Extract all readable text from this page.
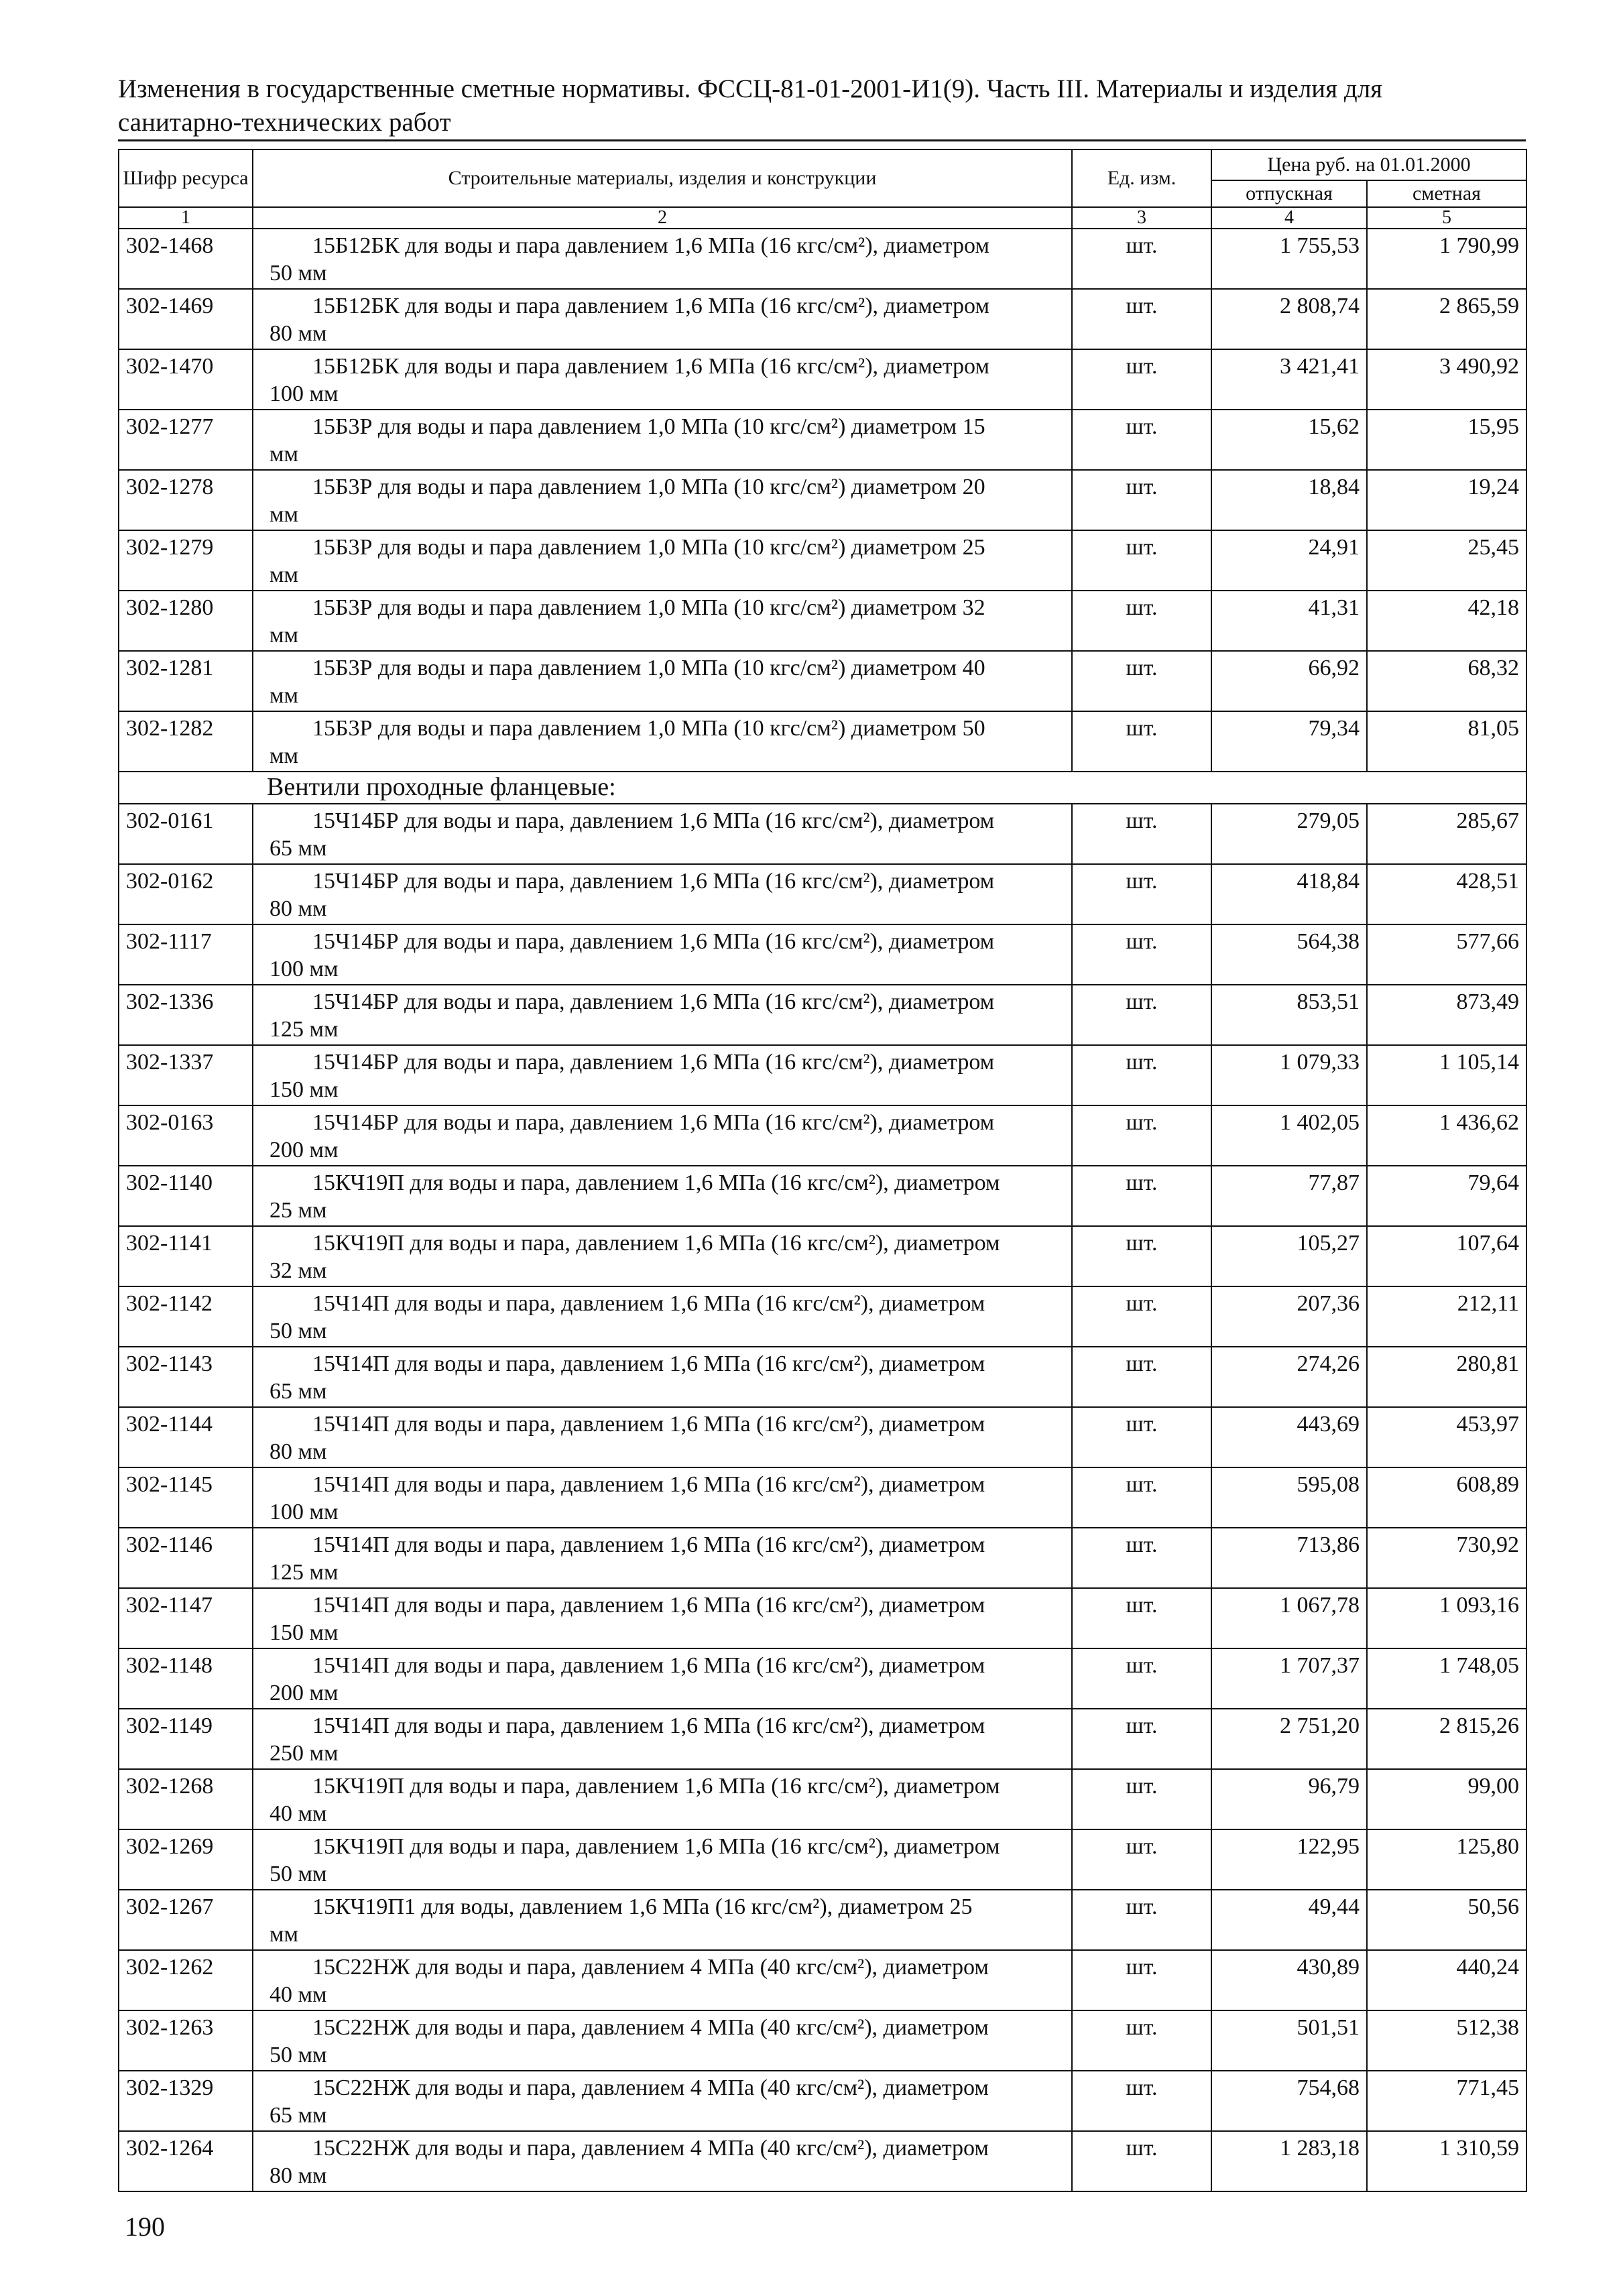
Изменения в государственные сметные нормативы. ФССЦ-81-01-2001-И1(9). Часть III. Материалы и изделия для
санитарно-технических работ
Шифр ресурса	Строительные материалы, изделия и конструкции	Ед. изм.	Цена руб. на 01.01.2000	
			отпускная	сметная
1	2	3	4	5
302-1468	15Б12БК для воды и пара давлением 1,6 МПа (16 кгс/см²), диаметром
50 мм	шт.	1 755,53	1 790,99
302-1469	15Б12БК для воды и пара давлением 1,6 МПа (16 кгс/см²), диаметром
80 мм	шт.	2 808,74	2 865,59
302-1470	15Б12БК для воды и пара давлением 1,6 МПа (16 кгс/см²), диаметром
100 мм	шт.	3 421,41	3 490,92
302-1277	15Б3Р для воды и пара давлением 1,0 МПа (10 кгс/см²) диаметром 15
мм	шт.	15,62	15,95
302-1278	15Б3Р для воды и пара давлением 1,0 МПа (10 кгс/см²) диаметром 20
мм	шт.	18,84	19,24
302-1279	15Б3Р для воды и пара давлением 1,0 МПа (10 кгс/см²) диаметром 25
мм	шт.	24,91	25,45
302-1280	15Б3Р для воды и пара давлением 1,0 МПа (10 кгс/см²) диаметром 32
мм	шт.	41,31	42,18
302-1281	15Б3Р для воды и пара давлением 1,0 МПа (10 кгс/см²) диаметром 40
мм	шт.	66,92	68,32
302-1282	15Б3Р для воды и пара давлением 1,0 МПа (10 кгс/см²) диаметром 50
мм	шт.	79,34	81,05
Вентили проходные фланцевые:				
302-0161	15Ч14БР для воды и пара, давлением 1,6 МПа (16 кгс/см²), диаметром
65 мм	шт.	279,05	285,67
302-0162	15Ч14БР для воды и пара, давлением 1,6 МПа (16 кгс/см²), диаметром
80 мм	шт.	418,84	428,51
302-1117	15Ч14БР для воды и пара, давлением 1,6 МПа (16 кгс/см²), диаметром
100 мм	шт.	564,38	577,66
302-1336	15Ч14БР для воды и пара, давлением 1,6 МПа (16 кгс/см²), диаметром
125 мм	шт.	853,51	873,49
302-1337	15Ч14БР для воды и пара, давлением 1,6 МПа (16 кгс/см²), диаметром
150 мм	шт.	1 079,33	1 105,14
302-0163	15Ч14БР для воды и пара, давлением 1,6 МПа (16 кгс/см²), диаметром
200 мм	шт.	1 402,05	1 436,62
302-1140	15КЧ19П для воды и пара, давлением 1,6 МПа (16 кгс/см²), диаметром
25 мм	шт.	77,87	79,64
302-1141	15КЧ19П для воды и пара, давлением 1,6 МПа (16 кгс/см²), диаметром
32 мм	шт.	105,27	107,64
302-1142	15Ч14П для воды и пара, давлением 1,6 МПа (16 кгс/см²), диаметром
50 мм	шт.	207,36	212,11
302-1143	15Ч14П для воды и пара, давлением 1,6 МПа (16 кгс/см²), диаметром
65 мм	шт.	274,26	280,81
302-1144	15Ч14П для воды и пара, давлением 1,6 МПа (16 кгс/см²), диаметром
80 мм	шт.	443,69	453,97
302-1145	15Ч14П для воды и пара, давлением 1,6 МПа (16 кгс/см²), диаметром
100 мм	шт.	595,08	608,89
302-1146	15Ч14П для воды и пара, давлением 1,6 МПа (16 кгс/см²), диаметром
125 мм	шт.	713,86	730,92
302-1147	15Ч14П для воды и пара, давлением 1,6 МПа (16 кгс/см²), диаметром
150 мм	шт.	1 067,78	1 093,16
302-1148	15Ч14П для воды и пара, давлением 1,6 МПа (16 кгс/см²), диаметром
200 мм	шт.	1 707,37	1 748,05
302-1149	15Ч14П для воды и пара, давлением 1,6 МПа (16 кгс/см²), диаметром
250 мм	шт.	2 751,20	2 815,26
302-1268	15КЧ19П для воды и пара, давлением 1,6 МПа (16 кгс/см²), диаметром
40 мм	шт.	96,79	99,00
302-1269	15КЧ19П для воды и пара, давлением 1,6 МПа (16 кгс/см²), диаметром
50 мм	шт.	122,95	125,80
302-1267	15КЧ19П1 для воды, давлением 1,6 МПа (16 кгс/см²), диаметром 25
мм	шт.	49,44	50,56
302-1262	15С22НЖ для воды и пара, давлением 4 МПа (40 кгс/см²), диаметром
40 мм	шт.	430,89	440,24
302-1263	15С22НЖ для воды и пара, давлением 4 МПа (40 кгс/см²), диаметром
50 мм	шт.	501,51	512,38
302-1329	15С22НЖ для воды и пара, давлением 4 МПа (40 кгс/см²), диаметром
65 мм	шт.	754,68	771,45
302-1264	15С22НЖ для воды и пара, давлением 4 МПа (40 кгс/см²), диаметром
80 мм	шт.	1 283,18	1 310,59
190
